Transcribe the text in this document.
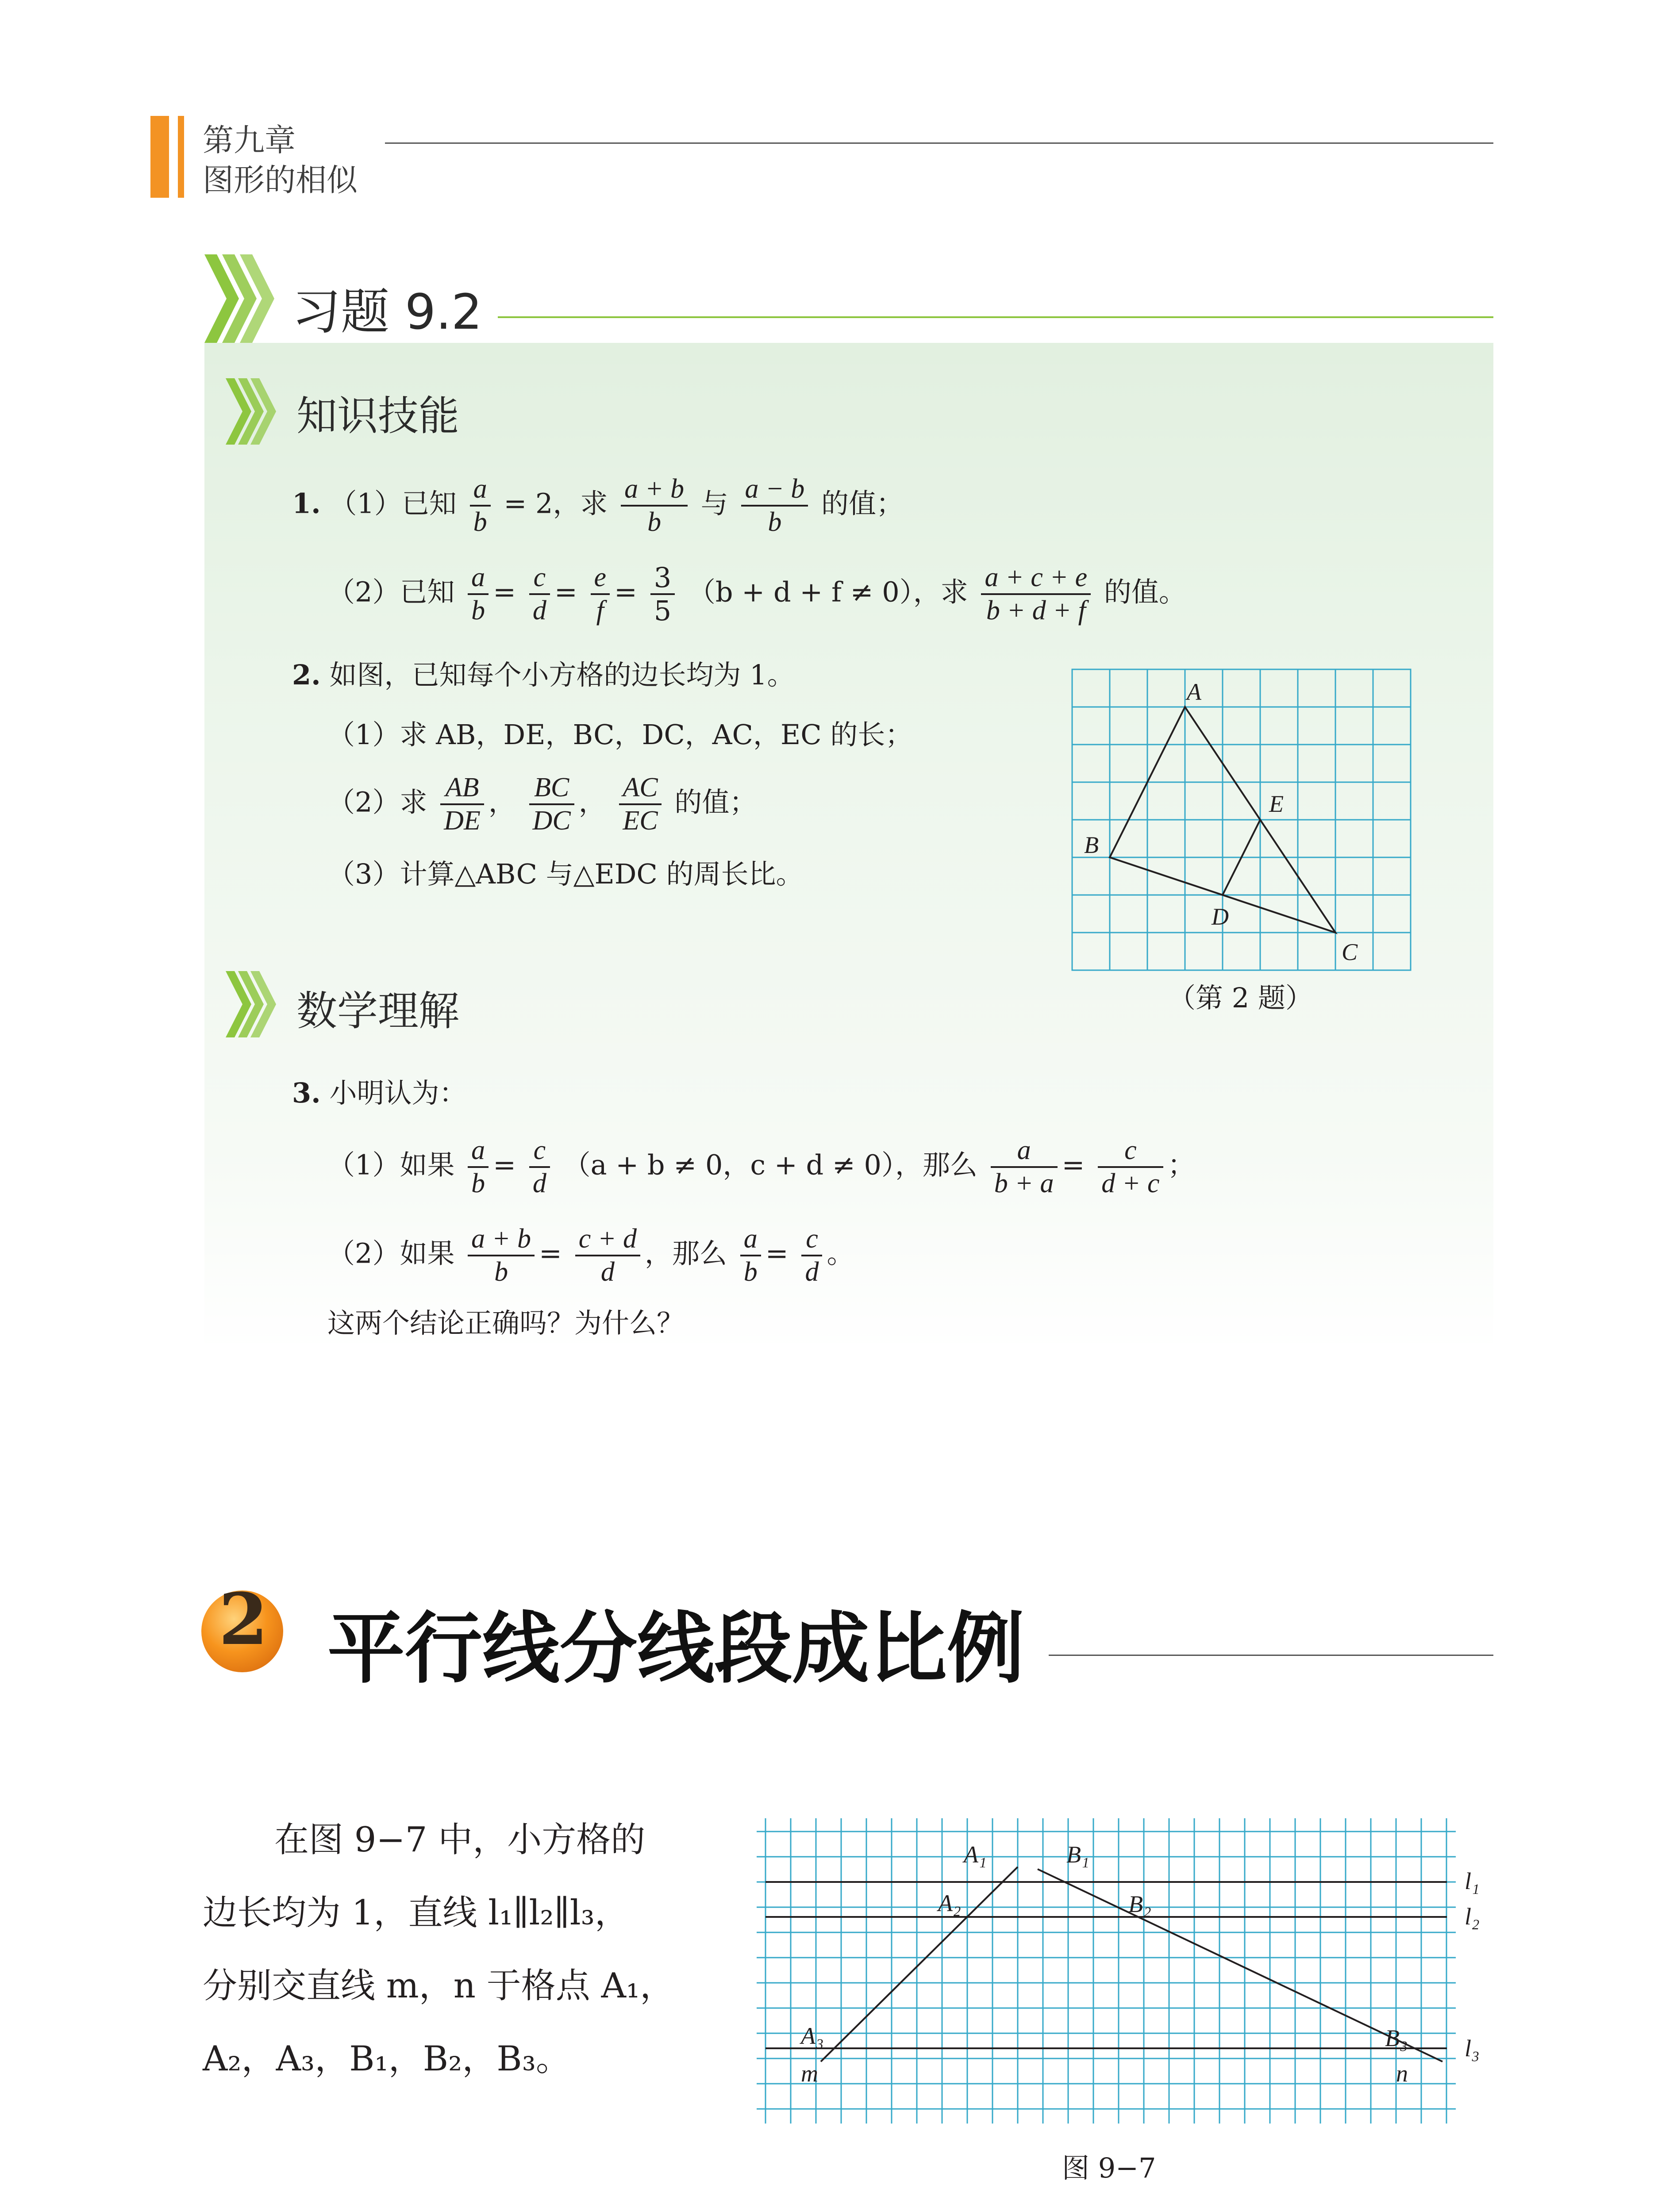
第九章
图形的相似
习题 9.2
知识技能
1. （1）已知 $\frac{a}{b} = 2$，求 $\frac{a + b}{b}$ 与 $\frac{a - b}{b}$ 的值；
（2）已知 $\frac{a}{b} = \frac{c}{d} = \frac{e}{f} = \frac{3}{5} (b + d + f \ne 0)$，求 $\frac{a + c + e}{b + d + f}$ 的值。
2. 如图，已知每个小方格的边长均为 1。
（1）求 AB，DE，BC，DC，AC，EC 的长；
（2）求 $\frac{AB}{DE}$ ， $\frac{BC}{DC}$ ， $\frac{AC}{EC}$ 的值；
（3）计算△ABC 与△EDC 的周长比。
A
B
C
D
E
（第 2 题）
数学理解
3. 小明认为：
（1）如果 $\frac{a}{b} = \frac{c}{d} (a + b \ne 0$，c + d ≠ 0），那么 $\frac{a}{b + a} = \frac{c}{d + c}$ ；
（2）如果 $\frac{a + b}{b} = \frac{c + d}{d}$ ，那么 $\frac{a}{b} = \frac{c}{d}$ 。
这两个结论正确吗？为什么？
2 平行线分线段成比例
在图 9−7 中，小方格的
边长均为 1，直线 l₁∥l₂∥l₃，
分别交直线 m，n 于格点 A₁，
A₂，A₃，B₁，B₂，B₃。
A₁
A₂
A₃
B₁
B₂
B₃
l₁
l₂
l₃
m	n
图 9−7
